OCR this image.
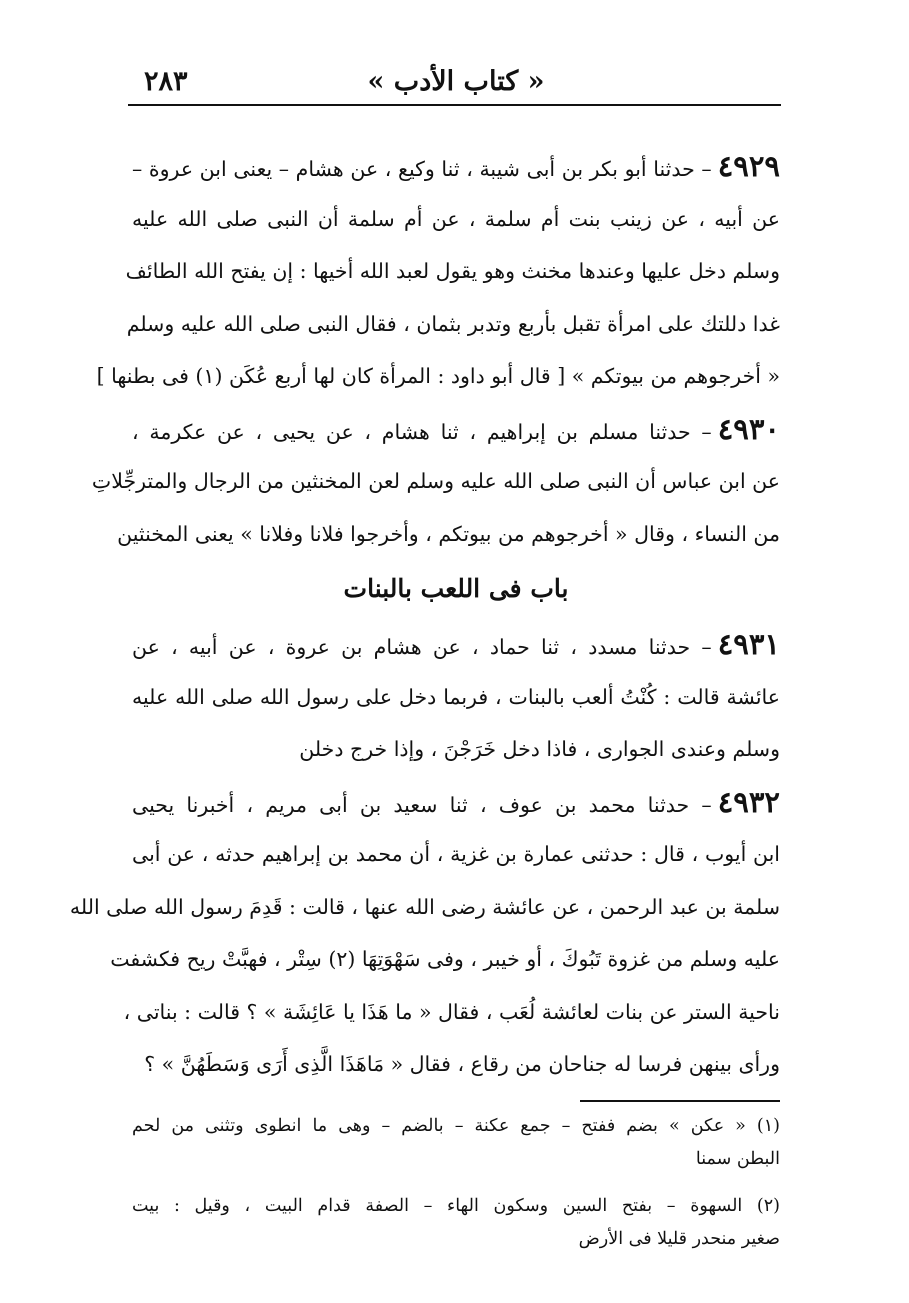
« كتاب الأدب »
٢٨٣
٤٩٢٩– حدثنا أبو بكر بن أبى شيبة ، ثنا وكيع ، عن هشام – يعنى ابن عروة –
عن أبيه ، عن زينب بنت أم سلمة ، عن أم سلمة أن النبى صلى الله عليه
وسلم دخل عليها وعندها مخنث وهو يقول لعبد الله أخيها : إن يفتح الله الطائف
غدا دللتك على امرأة تقبل بأربع وتدبر بثمان ، فقال النبى صلى الله عليه وسلم
« أخرجوهم من بيوتكم » [ قال أبو داود : المرأة كان لها أربع عُكَن (١) فى بطنها ]
٤٩٣٠– حدثنا مسلم بن إبراهيم ، ثنا هشام ، عن يحيى ، عن عكرمة ،
عن ابن عباس أن النبى صلى الله عليه وسلم لعن المخنثين من الرجال والمترجِّلاتِ
من النساء ، وقال « أخرجوهم من بيوتكم ، وأخرجوا فلانا وفلانا » يعنى المخنثين
باب فى اللعب بالبنات
٤٩٣١– حدثنا مسدد ، ثنا حماد ، عن هشام بن عروة ، عن أبيه ، عن
عائشة قالت : كُنْتُ ألعب بالبنات ، فربما دخل على رسول الله صلى الله عليه
وسلم وعندى الجوارى ، فاذا دخل خَرَجْنَ ، وإذا خرج دخلن
٤٩٣٢– حدثنا محمد بن عوف ، ثنا سعيد بن أبى مريم ، أخبرنا يحيى
ابن أيوب ، قال : حدثنى عمارة بن غزية ، أن محمد بن إبراهيم حدثه ، عن أبى
سلمة بن عبد الرحمن ، عن عائشة رضى الله عنها ، قالت : قَدِمَ رسول الله صلى الله
عليه وسلم من غزوة تَبُوكَ ، أو خيبر ، وفى سَهْوَتِهَا (٢) سِتْر ، فهبَّتْ ريح فكشفت
ناحية الستر عن بنات لعائشة لُعَب ، فقال « ما هَذَا يا عَائِشَة » ؟ قالت : بناتى ،
ورأى بينهن فرسا له جناحان من رقاع ، فقال « مَاهَذَا الَّذِى أَرَى وَسَطَهُنَّ » ؟
(١) « عكن » بضم ففتح – جمع عكنة – بالضم – وهى ما انطوى وتثنى من لحم
البطن سمنا
(٢) السهوة – بفتح السين وسكون الهاء – الصفة قدام البيت ، وقيل : بيت
صغير منحدر قليلا فى الأرض
